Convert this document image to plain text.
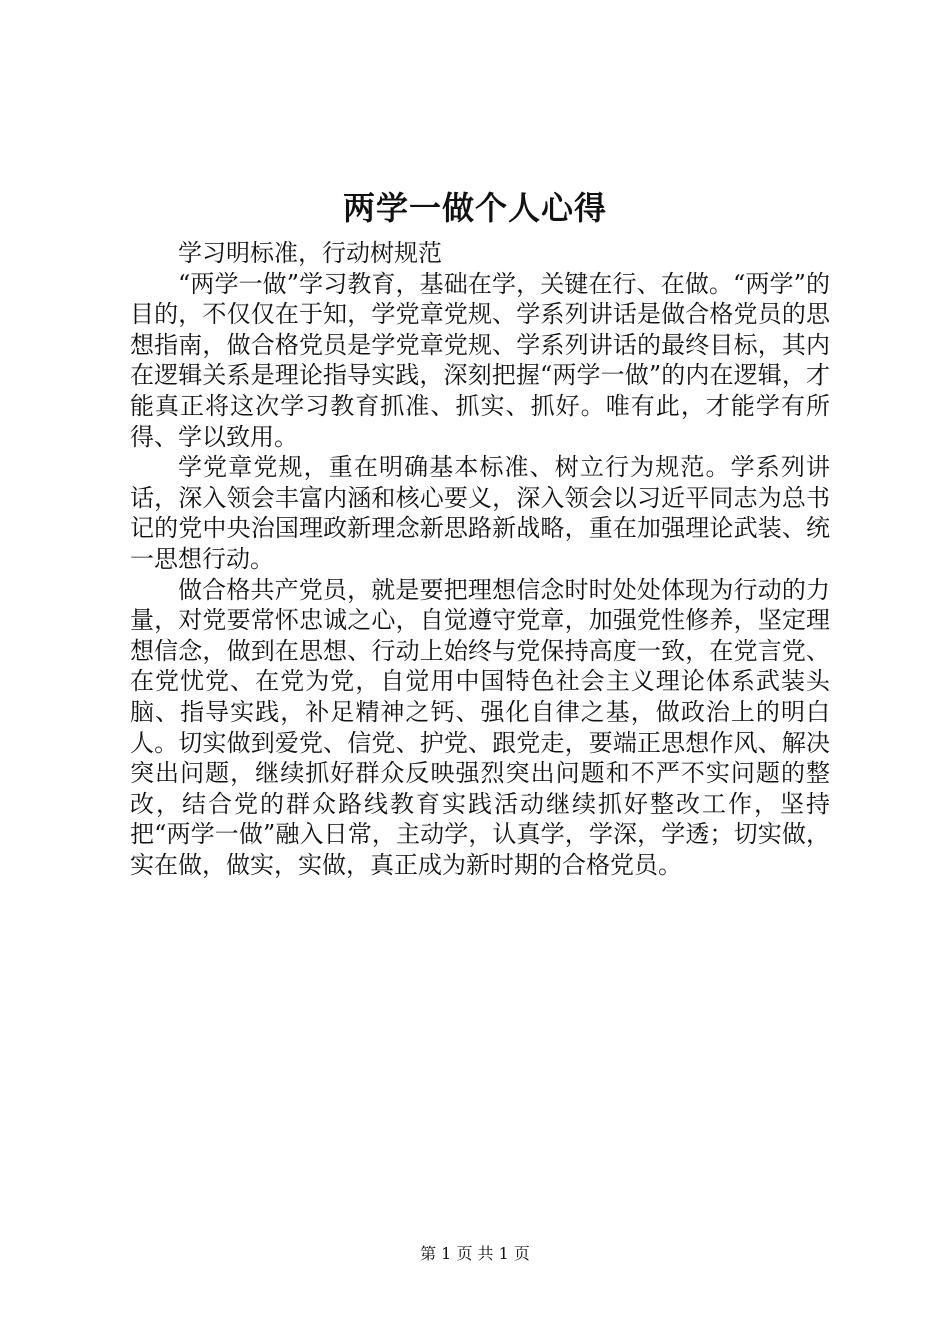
两学一做个人心得

学习明标准，行动树规范

“两学一做”学习教育，基础在学，关键在行、在做。“两学”的目的，不仅仅在于知，学党章党规、学系列讲话是做合格党员的思想指南，做合格党员是学党章党规、学系列讲话的最终目标，其内在逻辑关系是理论指导实践，深刻把握“两学一做”的内在逻辑，才能真正将这次学习教育抓准、抓实、抓好。唯有此，才能学有所得、学以致用。

学党章党规，重在明确基本标准、树立行为规范。学系列讲话，深入领会丰富内涵和核心要义，深入领会以习近平同志为总书记的党中央治国理政新理念新思路新战略，重在加强理论武装、统一思想行动。

做合格共产党员，就是要把理想信念时时处处体现为行动的力量，对党要常怀忠诚之心，自觉遵守党章，加强党性修养，坚定理想信念，做到在思想、行动上始终与党保持高度一致，在党言党、在党忧党、在党为党，自觉用中国特色社会主义理论体系武装头脑、指导实践，补足精神之钙、强化自律之基，做政治上的明白人。切实做到爱党、信党、护党、跟党走，要端正思想作风、解决突出问题，继续抓好群众反映强烈突出问题和不严不实问题的整改，结合党的群众路线教育实践活动继续抓好整改工作，坚持把“两学一做”融入日常，主动学，认真学，学深，学透；切实做，实在做，做实，实做，真正成为新时期的合格党员。

第 1 页 共 1 页
